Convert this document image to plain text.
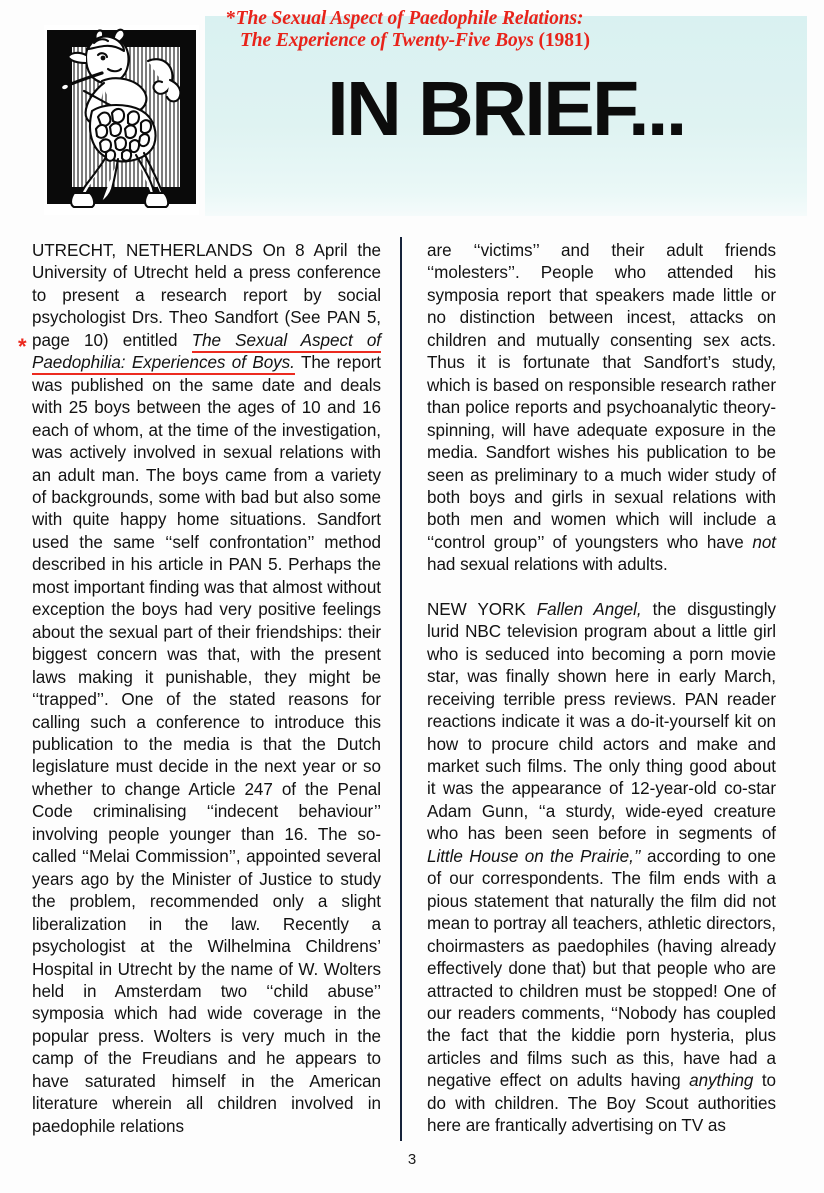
*The Sexual Aspect of Paedophile Relations:
The Experience of Twenty-Five Boys (1981)
IN BRIEF...
*

UTRECHT, NETHERLANDS On 8 April the University of Utrecht held a press conference to present a research report by social psychologist Drs. Theo Sandfort (See PAN 5, page 10) entitled The Sexual Aspect of Paedophilia: Experiences of Boys. The report was published on the same date and deals with 25 boys between the ages of 10 and 16 each of whom, at the time of the investigation, was actively involved in sexual relations with an adult man. The boys came from a variety of backgrounds, some with bad but also some with quite happy home situations. Sandfort used the same ‘‘self confrontation’’ method described in his article in PAN 5. Perhaps the most important finding was that almost without exception the boys had very positive feelings about the sexual part of their friendships: their biggest concern was that, with the present laws making it punishable, they might be ‘‘trapped’’. One of the stated reasons for calling such a conference to introduce this publication to the media is that the Dutch legislature must decide in the next year or so whether to change Article 247 of the Penal Code criminalising ‘‘indecent behaviour’’ involving people younger than 16. The so-called ‘‘Melai Commission’’, appointed several years ago by the Minister of Justice to study the problem, recommended only a slight liberalization in the law. Recently a psychologist at the Wilhelmina Childrens’ Hospital in Utrecht by the name of W. Wolters held in Amsterdam two ‘‘child abuse’’ symposia which had wide coverage in the popular press. Wolters is very much in the camp of the Freudians and he appears to have saturated himself in the American literature wherein all children involved in paedophile relations

are ‘‘victims’’ and their adult friends ‘‘molesters’’. People who attended his symposia report that speakers made little or no distinction between incest, attacks on children and mutually consenting sex acts. Thus it is fortunate that Sandfort’s study, which is based on responsible research rather than police reports and psychoanalytic theory-spinning, will have adequate exposure in the media. Sandfort wishes his publication to be seen as preliminary to a much wider study of both boys and girls in sexual relations with both men and women which will include a ‘‘control group’’ of youngsters who have not had sexual relations with adults.

NEW YORK Fallen Angel, the disgustingly lurid NBC television program about a little girl who is seduced into becoming a porn movie star, was finally shown here in early March, receiving terrible press reviews. PAN reader reactions indicate it was a do-it-yourself kit on how to procure child actors and make and market such films. The only thing good about it was the appearance of 12-year-old co-star Adam Gunn, ‘‘a sturdy, wide-eyed creature who has been seen before in segments of Little House on the Prairie,’’ according to one of our correspondents. The film ends with a pious statement that naturally the film did not mean to portray all teachers, athletic directors, choirmasters as paedophiles (having already effectively done that) but that people who are attracted to children must be stopped! One of our readers comments, ‘‘Nobody has coupled the fact that the kiddie porn hysteria, plus articles and films such as this, have had a negative effect on adults having anything to do with children. The Boy Scout authorities here are frantically advertising on TV as

3
